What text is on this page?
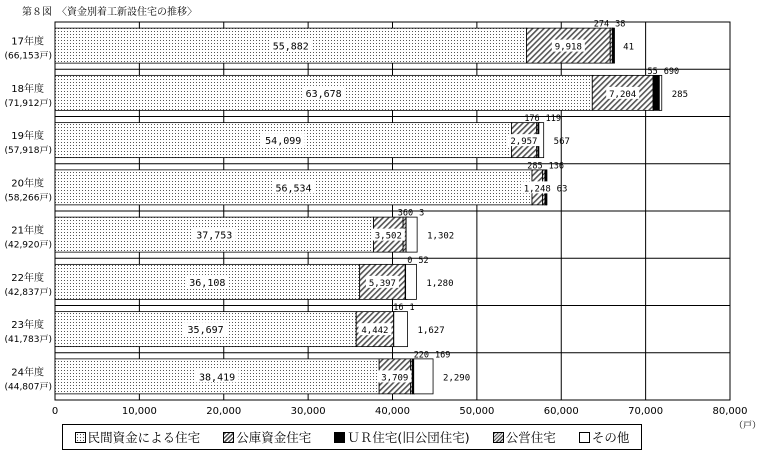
第８図　〈資金別着工新設住宅の推移〉
55,882	9,918
274 38
41
63,678	7,204
55 690
285
54,099	2,957
176 119
567
56,534	1,248
285 136
63
37,753	3,502
360 3
1,302
36,108	5,397
0 52
1,280
35,697	4,442
16 1
1,627
38,419	3,709
220 169
2,290
0	10,000	20,000	30,000	40,000	50,000	60,000	70,000	80,000
（戸）
17年度
(66,153戸)
18年度
(71,912戸)
19年度
(57,918戸)
20年度
(58,266戸)
21年度
(42,920戸)
22年度
(42,837戸)
23年度
(41,783戸)
24年度
(44,807戸)
民間資金による住宅	公庫資金住宅	ＵＲ住宅(旧公団住宅)	公営住宅	その他
